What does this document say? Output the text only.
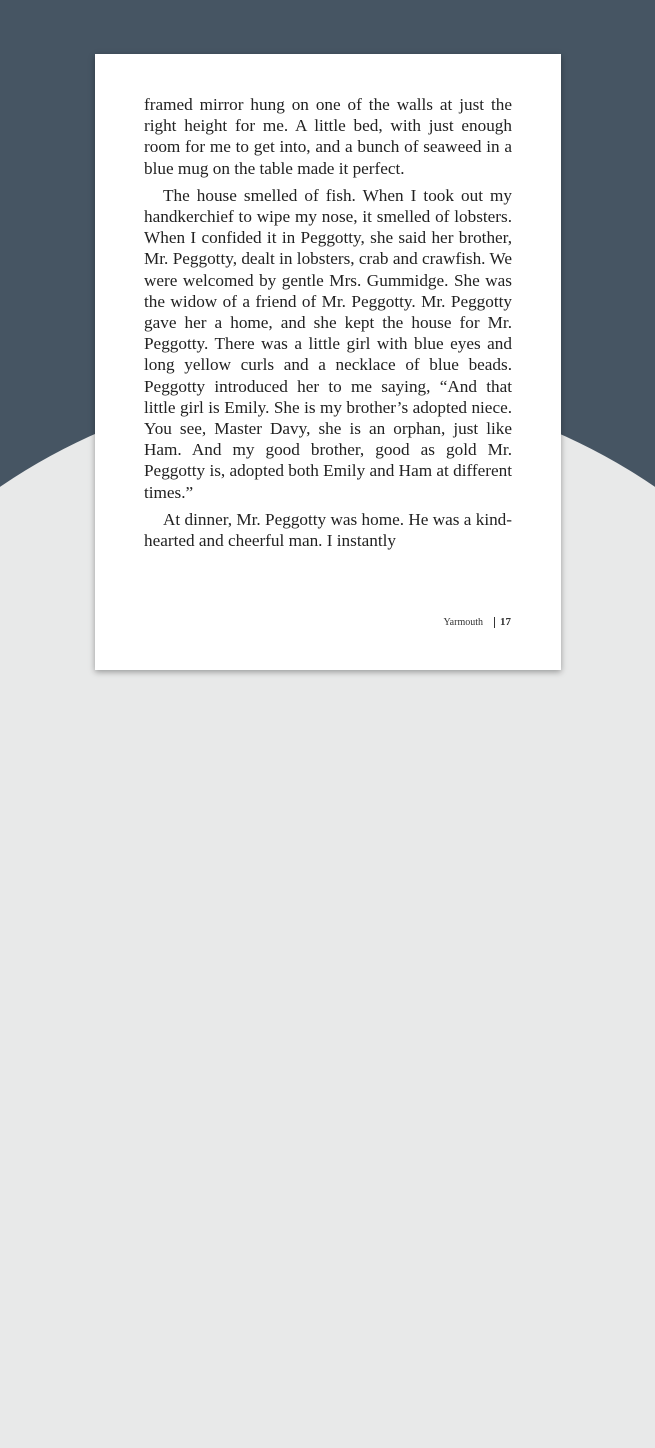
framed mirror hung on one of the walls at just the right height for me. A little bed, with just enough room for me to get into, and a bunch of seaweed in a blue mug on the table made it perfect.

The house smelled of fish. When I took out my handkerchief to wipe my nose, it smelled of lobsters. When I confided it in Peggotty, she said her brother, Mr. Peggotty, dealt in lobsters, crab and crawfish. We were welcomed by gentle Mrs. Gummidge. She was the widow of a friend of Mr. Peggotty. Mr. Peggotty gave her a home, and she kept the house for Mr. Peggotty. There was a little girl with blue eyes and long yellow curls and a necklace of blue beads. Peggotty introduced her to me saying, “And that little girl is Emily. She is my brother’s adopted niece. You see, Master Davy, she is an orphan, just like Ham. And my good brother, good as gold Mr. Peggotty is, adopted both Emily and Ham at different times.”

At dinner, Mr. Peggotty was home. He was a kind-hearted and cheerful man. I instantly

Yarmouth 17
